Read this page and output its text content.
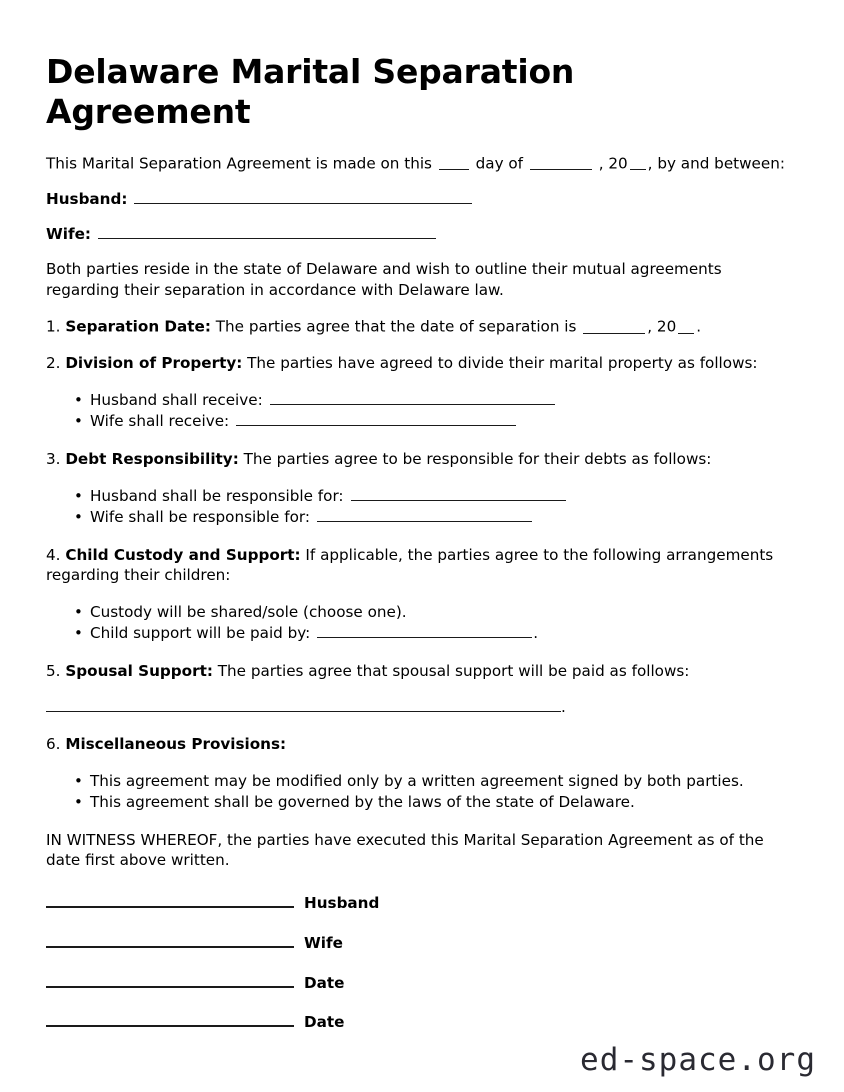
Delaware Marital Separation Agreement

This Marital Separation Agreement is made on this	day of	, 20 , by and between:

Husband:
Wife:

Both parties reside in the state of Delaware and wish to outline their mutual agreements regarding their separation in accordance with Delaware law.

1. Separation Date: The parties agree that the date of separation is	, 20 .

2. Division of Property: The parties have agreed to divide their marital property as follows:

• Husband shall receive:
• Wife shall receive:

3. Debt Responsibility: The parties agree to be responsible for their debts as follows:

• Husband shall be responsible for:
• Wife shall be responsible for:

4. Child Custody and Support: If applicable, the parties agree to the following arrangements regarding their children:

• Custody will be shared/sole (choose one).
• Child support will be paid by:	.

5. Spousal Support: The parties agree that spousal support will be paid as follows:

.

6. Miscellaneous Provisions:

• This agreement may be modified only by a written agreement signed by both parties.
• This agreement shall be governed by the laws of the state of Delaware.

IN WITNESS WHEREOF, the parties have executed this Marital Separation Agreement as of the date first above written.

Husband
Wife
Date
Date
ed-space.org
